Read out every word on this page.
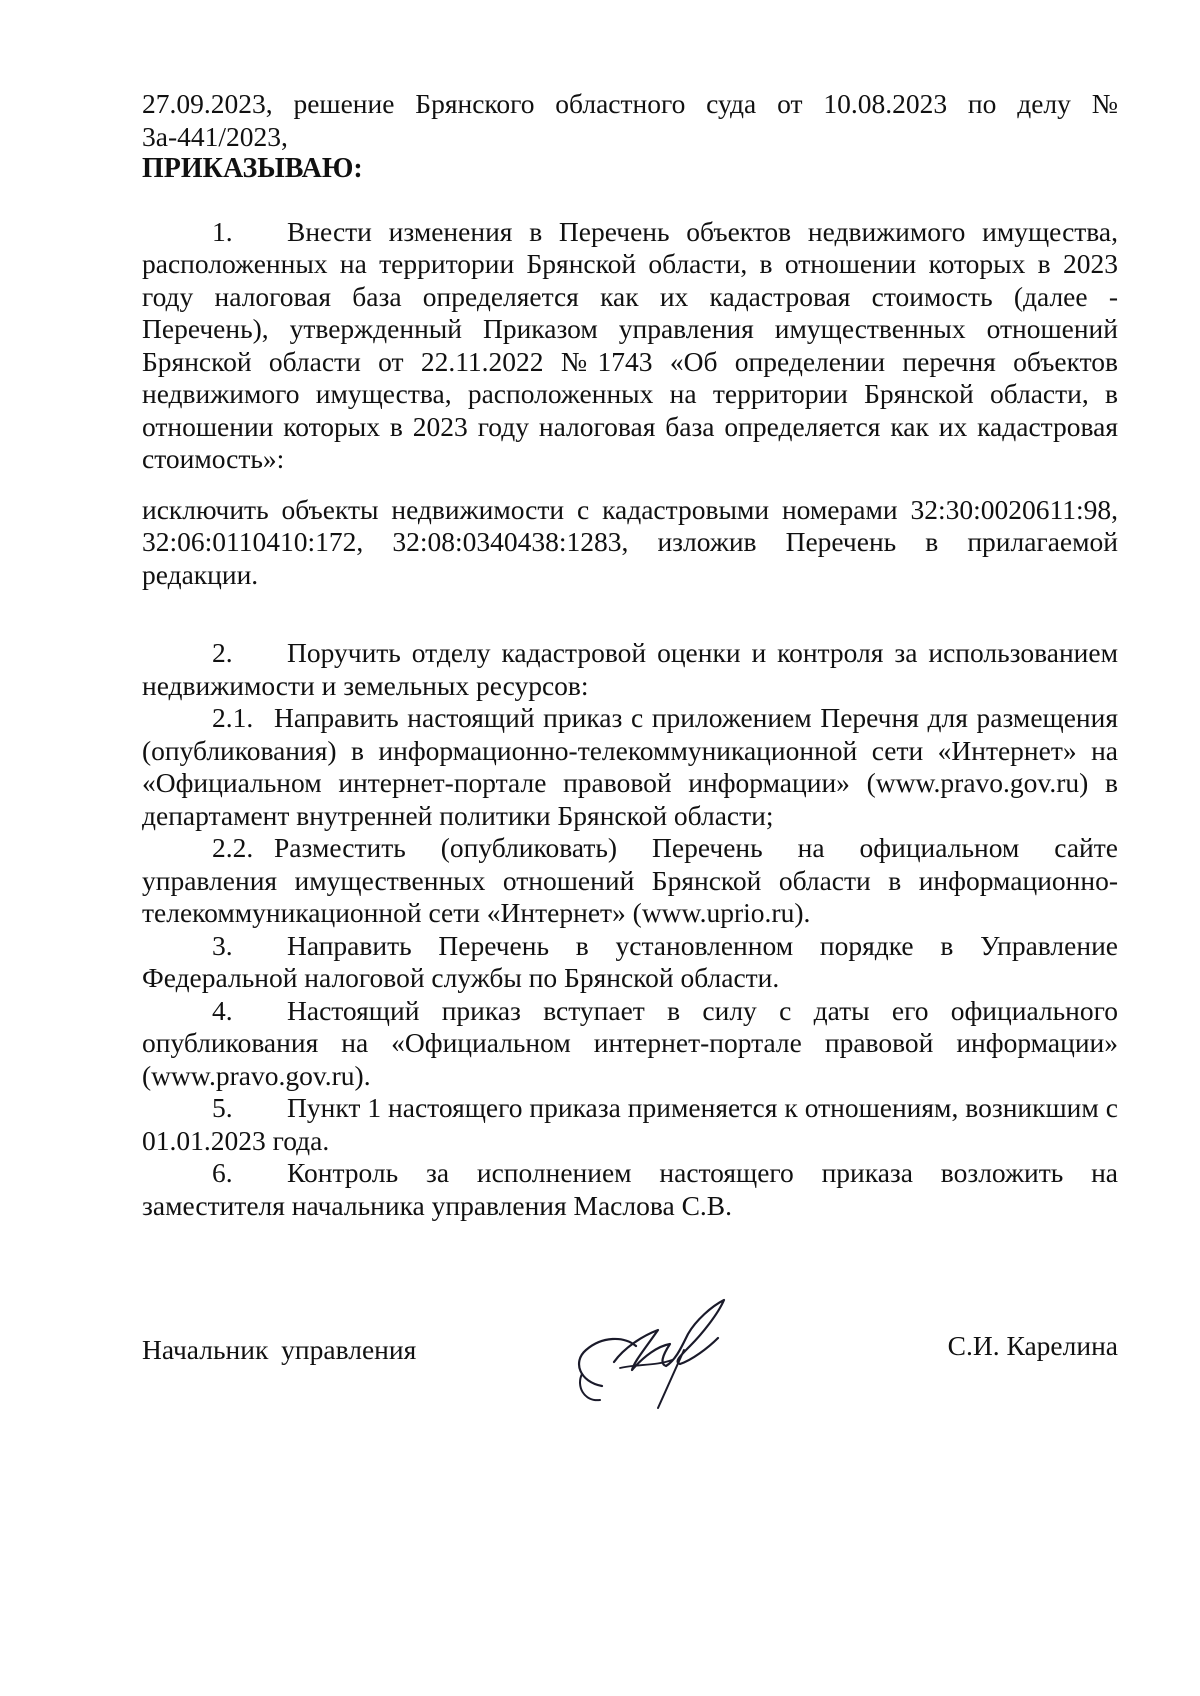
27.09.2023, решение Брянского областного суда от 10.08.2023 по делу № 3а-441/2023,

ПРИКАЗЫВАЮ:

1. Внести изменения в Перечень объектов недвижимого имущества, расположенных на территории Брянской области, в отношении которых в 2023 году налоговая база определяется как их кадастровая стоимость (далее - Перечень), утвержденный Приказом управления имущественных отношений Брянской области от 22.11.2022 №1743 «Об определении перечня объектов недвижимого имущества, расположенных на территории Брянской области, в отношении которых в 2023 году налоговая база определяется как их кадастровая стоимость»:

исключить объекты недвижимости с кадастровыми номерами 32:30:0020611:98, 32:06:0110410:172, 32:08:0340438:1283, изложив Перечень в прилагаемой редакции.

2. Поручить отделу кадастровой оценки и контроля за использованием недвижимости и земельных ресурсов:

2.1. Направить настоящий приказ с приложением Перечня для размещения (опубликования) в информационно-телекоммуникационной сети «Интернет» на «Официальном интернет-портале правовой информации» (www.pravo.gov.ru) в департамент внутренней политики Брянской области;

2.2. Разместить (опубликовать) Перечень на официальном сайте управления имущественных отношений Брянской области в информационно-телекоммуникационной сети «Интернет» (www.uprio.ru).

3. Направить Перечень в установленном порядке в Управление Федеральной налоговой службы по Брянской области.

4. Настоящий приказ вступает в силу с даты его официального опубликования на «Официальном интернет-портале правовой информации» (www.pravo.gov.ru).

5. Пункт 1 настоящего приказа применяется к отношениям, возникшим с 01.01.2023 года.

6. Контроль за исполнением настоящего приказа возложить на заместителя начальника управления Маслова С.В.

Начальник управления	С.И. Карелина
